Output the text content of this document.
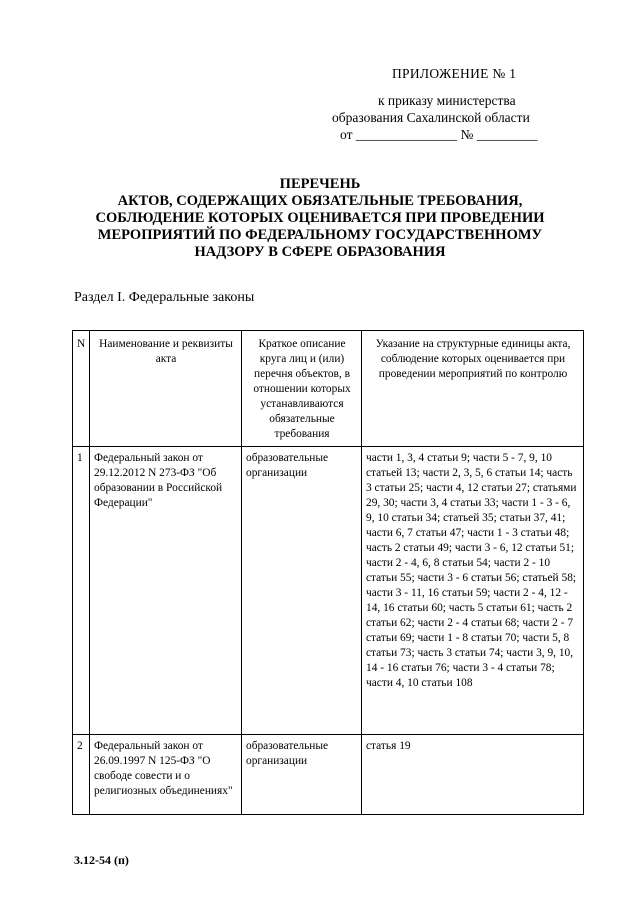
ПРИЛОЖЕНИЕ № 1
к приказу министерства
образования Сахалинской области
от _______________ № _________
ПЕРЕЧЕНЬ
АКТОВ, СОДЕРЖАЩИХ ОБЯЗАТЕЛЬНЫЕ ТРЕБОВАНИЯ,
СОБЛЮДЕНИЕ КОТОРЫХ ОЦЕНИВАЕТСЯ ПРИ ПРОВЕДЕНИИ
МЕРОПРИЯТИЙ ПО ФЕДЕРАЛЬНОМУ ГОСУДАРСТВЕННОМУ
НАДЗОРУ В СФЕРЕ ОБРАЗОВАНИЯ
Раздел I. Федеральные законы
N	Наименование и реквизиты акта	Краткое описание круга лиц и (или) перечня объектов, в отношении которых устанавливаются обязательные требования	Указание на структурные единицы акта, соблюдение которых оценивается при проведении мероприятий по контролю
1	Федеральный закон от 29.12.2012 N 273-ФЗ "Об образовании в Российской Федерации"	образовательные организации	части 1, 3, 4 статьи 9; части 5 - 7, 9, 10 статьей 13; части 2, 3, 5, 6 статьи 14; часть 3 статьи 25; части 4, 12 статьи 27; статьями 29, 30; части 3, 4 статьи 33; части 1 - 3 - 6, 9, 10 статьи 34; статьей 35; статьи 37, 41; части 6, 7 статьи 47; части 1 - 3 статьи 48; часть 2 статьи 49; части 3 - 6, 12 статьи 51; части 2 - 4, 6, 8 статьи 54; части 2 - 10 статьи 55; части 3 - 6 статьи 56; статьей 58; части 3 - 11, 16 статьи 59; части 2 - 4, 12 - 14, 16 статьи 60; часть 5 статьи 61; часть 2 статьи 62; части 2 - 4 статьи 68; части 2 - 7 статьи 69; части 1 - 8 статьи 70; части 5, 8 статьи 73; часть 3 статьи 74; части 3, 9, 10, 14 - 16 статьи 76; части 3 - 4 статьи 78; части 4, 10 статьи 108
2	Федеральный закон от 26.09.1997 N 125-ФЗ "О свободе совести и о религиозных объединениях"	образовательные организации	статья 19
3.12-54 (п)
